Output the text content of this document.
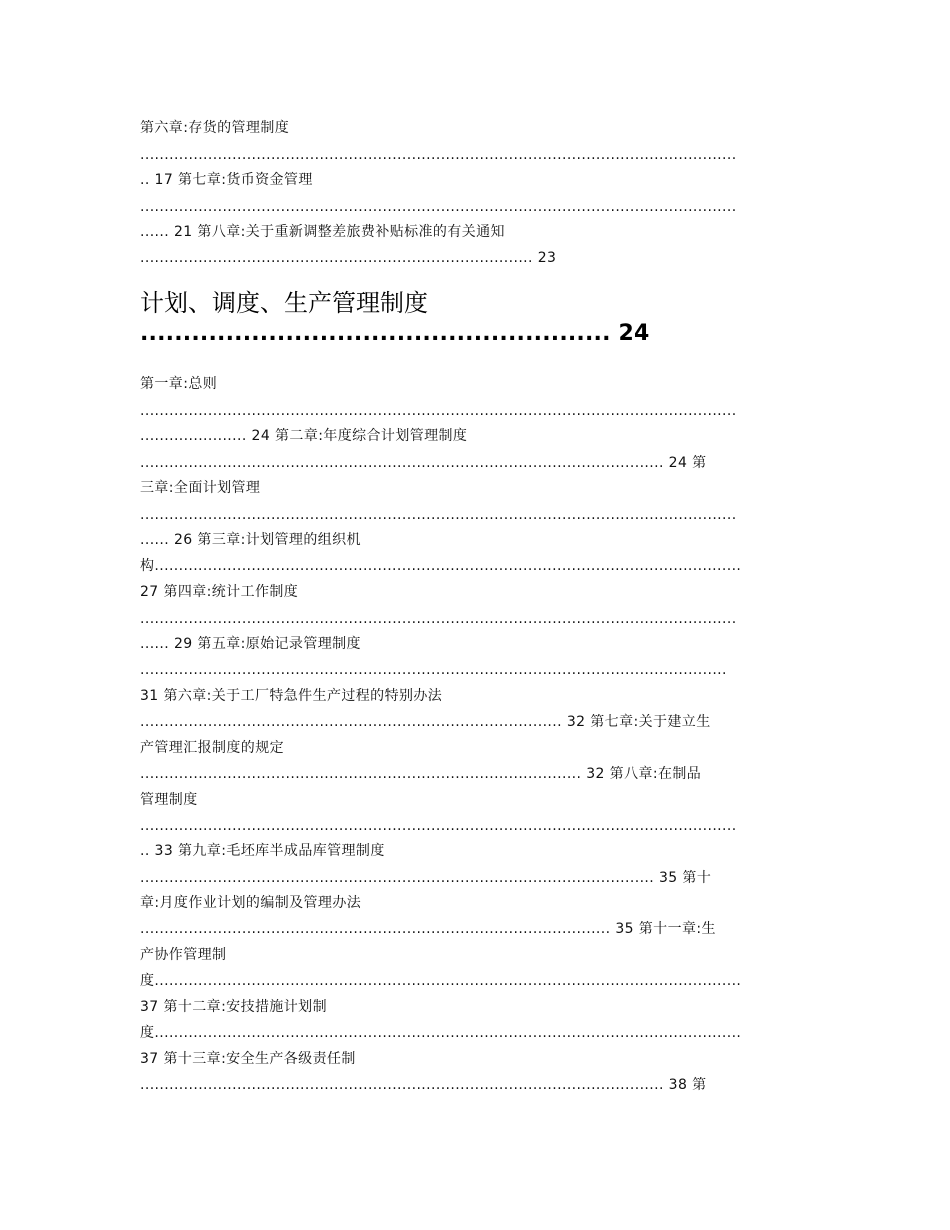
第六章:存货的管理制度
...........................................................................................................................
.. 17 第七章:货币资金管理
...........................................................................................................................
...... 21 第八章:关于重新调整差旅费补贴标准的有关通知
................................................................................. 23
计划、调度、生产管理制度
....................................................... 24
第一章:总则
...........................................................................................................................
...................... 24 第二章:年度综合计划管理制度
............................................................................................................ 24 第
三章:全面计划管理
...........................................................................................................................
...... 26 第三章:计划管理的组织机
构.........................................................................................................................
27 第四章:统计工作制度
...........................................................................................................................
...... 29 第五章:原始记录管理制度
.........................................................................................................................
31 第六章:关于工厂特急件生产过程的特别办法
....................................................................................... 32 第七章:关于建立生
产管理汇报制度的规定
........................................................................................... 32 第八章:在制品
管理制度
...........................................................................................................................
.. 33 第九章:毛坯库半成品库管理制度
.......................................................................................................... 35 第十
章:月度作业计划的编制及管理办法
................................................................................................. 35 第十一章:生
产协作管理制
度.........................................................................................................................
37 第十二章:安技措施计划制
度.........................................................................................................................
37 第十三章:安全生产各级责任制
............................................................................................................ 38 第
